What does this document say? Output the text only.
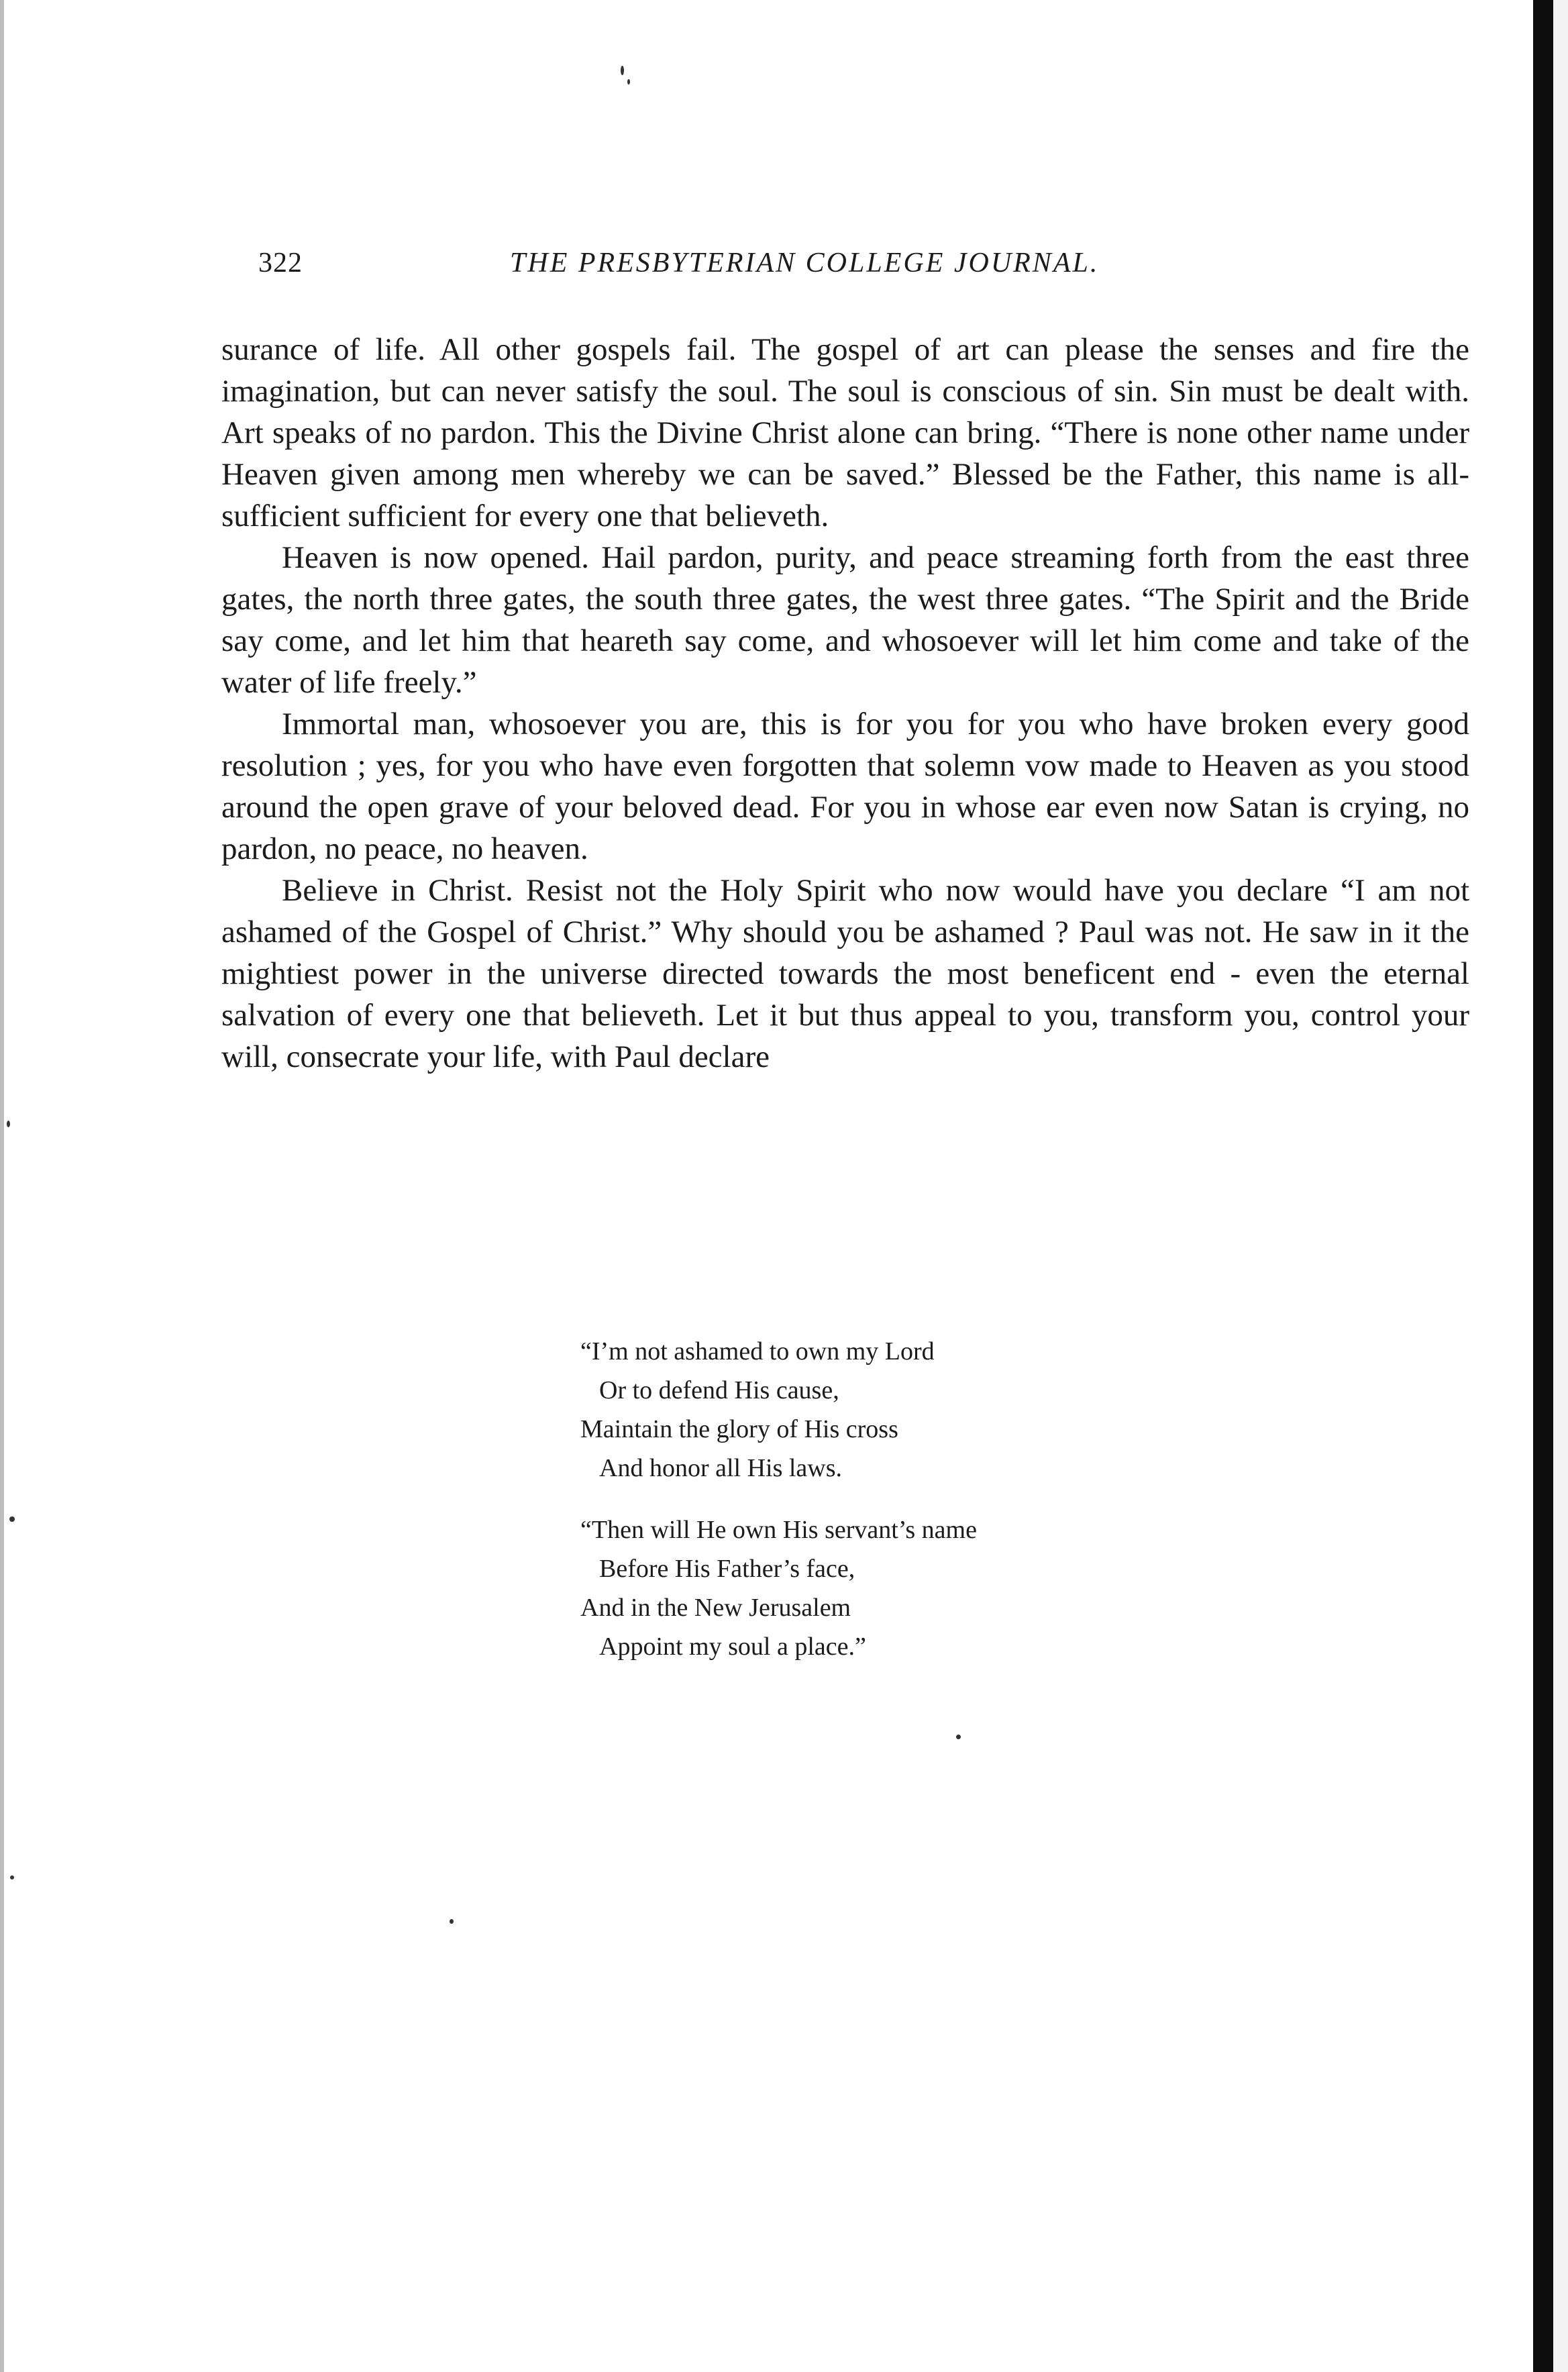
322	THE PRESBYTERIAN COLLEGE JOURNAL.

surance of life. All other gospels fail. The gospel of art can please the senses and fire the imagination, but can never satisfy the soul. The soul is conscious of sin. Sin must be dealt with. Art speaks of no pardon. This the Divine Christ alone can bring. “There is none other name under Heaven given among men whereby we can be saved.” Blessed be the Father, this name is all-sufficient sufficient for every one that believeth.

Heaven is now opened. Hail pardon, purity, and peace streaming forth from the east three gates, the north three gates, the south three gates, the west three gates. “The Spirit and the Bride say come, and let him that heareth say come, and whosoever will let him come and take of the water of life freely.”

Immortal man, whosoever you are, this is for you for you who have broken every good resolution ; yes, for you who have even forgotten that solemn vow made to Heaven as you stood around the open grave of your beloved dead. For you in whose ear even now Satan is crying, no pardon, no peace, no heaven.

Believe in Christ. Resist not the Holy Spirit who now would have you declare “I am not ashamed of the Gospel of Christ.” Why should you be ashamed ? Paul was not. He saw in it the mightiest power in the universe directed towards the most beneficent end - even the eternal salvation of every one that believeth. Let it but thus appeal to you, transform you, control your will, consecrate your life, with Paul declare

“I’m not ashamed to own my Lord
Or to defend His cause,
Maintain the glory of His cross
And honor all His laws.
“Then will He own His servant’s name
Before His Father’s face,
And in the New Jerusalem
Appoint my soul a place.”
